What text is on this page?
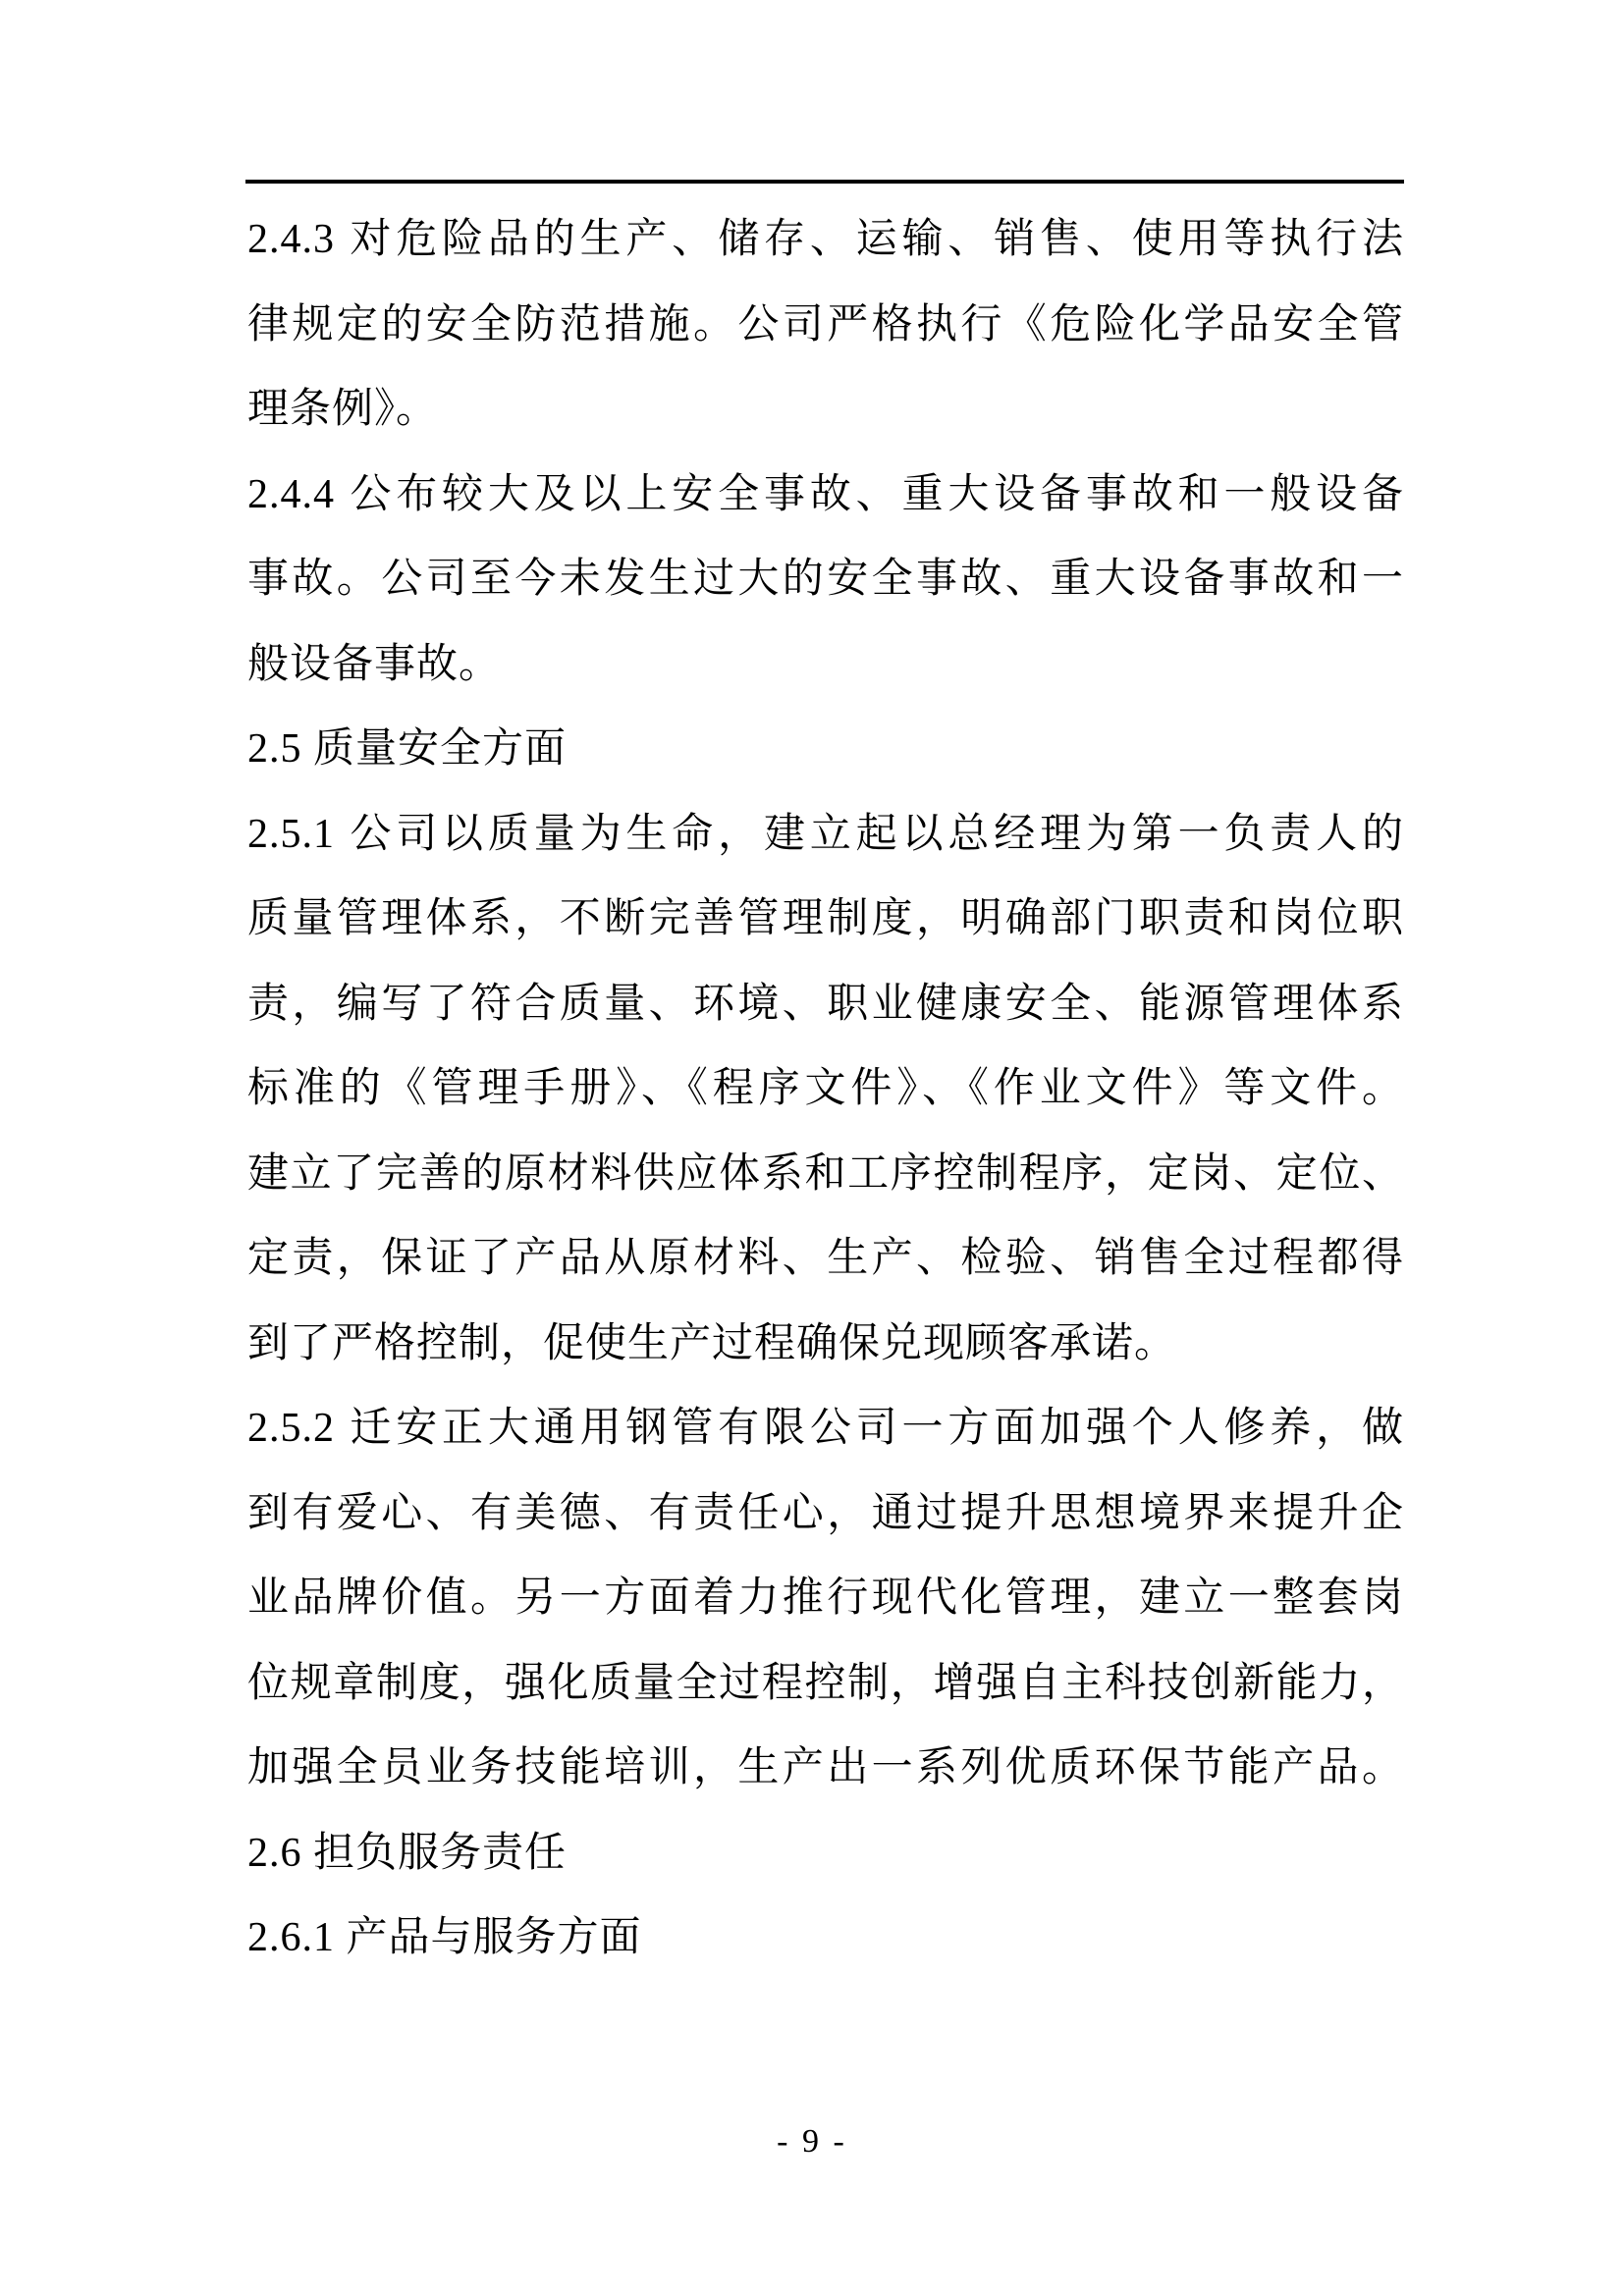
2.4.3 对危险品的生产、储存、运输、销售、使用等执行法
律规定的安全防范措施。公司严格执行《危险化学品安全管
理条例》。
2.4.4 公布较大及以上安全事故、重大设备事故和一般设备
事故。公司至今未发生过大的安全事故、重大设备事故和一
般设备事故。
2.5 质量安全方面
2.5.1 公司以质量为生命，建立起以总经理为第一负责人的
质量管理体系，不断完善管理制度，明确部门职责和岗位职
责，编写了符合质量、环境、职业健康安全、能源管理体系
标准的《管理手册》、《程序文件》、《作业文件》等文件。
建立了完善的原材料供应体系和工序控制程序，定岗、定位、
定责，保证了产品从原材料、生产、检验、销售全过程都得
到了严格控制，促使生产过程确保兑现顾客承诺。
2.5.2 迁安正大通用钢管有限公司一方面加强个人修养，做
到有爱心、有美德、有责任心，通过提升思想境界来提升企
业品牌价值。另一方面着力推行现代化管理，建立一整套岗
位规章制度，强化质量全过程控制，增强自主科技创新能力，
加强全员业务技能培训，生产出一系列优质环保节能产品。
2.6 担负服务责任
2.6.1 产品与服务方面
- 9 -
